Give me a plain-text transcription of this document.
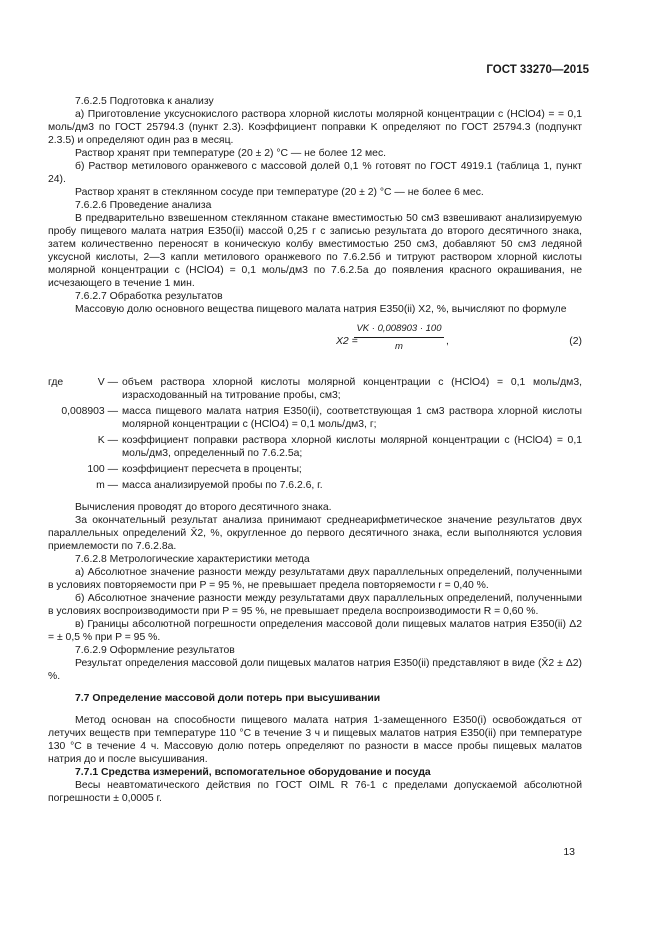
ГОСТ 33270—2015

7.6.2.5 Подготовка к анализу

а) Приготовление уксуснокислого раствора хлорной кислоты молярной концентрации c (HClO4) = = 0,1 моль/дм3 по ГОСТ 25794.3 (пункт 2.3). Коэффициент поправки K определяют по ГОСТ 25794.3 (подпункт 2.3.5) и определяют один раз в месяц.

Раствор хранят при температуре (20 ± 2) °С — не более 12 мес.

б) Раствор метилового оранжевого с массовой долей 0,1 % готовят по ГОСТ 4919.1 (таблица 1, пункт 24).

Раствор хранят в стеклянном сосуде при температуре (20 ± 2) °С — не более 6 мес.

7.6.2.6 Проведение анализа

В предварительно взвешенном стеклянном стакане вместимостью 50 см3 взвешивают анализируемую пробу пищевого малата натрия Е350(ii) массой 0,25 г с записью результата до второго десятичного знака, затем количественно переносят в коническую колбу вместимостью 250 см3, добавляют 50 см3 ледяной уксусной кислоты, 2—3 капли метилового оранжевого по 7.6.2.5б и титруют раствором хлорной кислоты молярной концентрации c (HClO4) = 0,1 моль/дм3 по 7.6.2.5а до появления красного окрашивания, не исчезающего в течение 1 мин.

7.6.2.7 Обработка результатов

Массовую долю основного вещества пищевого малата натрия Е350(ii) X2, %, вычисляют по формуле

X2 =
$\frac{VK \cdot 0,008903 \cdot 100}{m}$ ,	(2)
где	V — объем раствора хлорной кислоты молярной концентрации c (HClO4) = 0,1 моль/дм3, израсходованный на титрование пробы, см3;
0,008903 — масса пищевого малата натрия Е350(ii), соответствующая 1 см3 раствора хлорной кислоты молярной концентрации c (HClO4) = 0,1 моль/дм3, г;
K — коэффициент поправки раствора хлорной кислоты молярной концентрации c (HClO4) = 0,1 моль/дм3, определенный по 7.6.2.5а;
100 — коэффициент пересчета в проценты;
m — масса анализируемой пробы по 7.6.2.6, г.

Вычисления проводят до второго десятичного знака.

За окончательный результат анализа принимают среднеарифметическое значение результатов двух параллельных определений X̄2, %, округленное до первого десятичного знака, если выполняются условия приемлемости по 7.6.2.8а.

7.6.2.8 Метрологические характеристики метода

а) Абсолютное значение разности между результатами двух параллельных определений, полученными в условиях повторяемости при P = 95 %, не превышает предела повторяемости r = 0,40 %.

б) Абсолютное значение разности между результатами двух параллельных определений, полученными в условиях воспроизводимости при P = 95 %, не превышает предела воспроизводимости R = 0,60 %.

в) Границы абсолютной погрешности определения массовой доли пищевых малатов натрия Е350(ii) Δ2 = ± 0,5 % при P = 95 %.

7.6.2.9 Оформление результатов

Результат определения массовой доли пищевых малатов натрия Е350(ii) представляют в виде (X̄2 ± Δ2) %.

7.7 Определение массовой доли потерь при высушивании

Метод основан на способности пищевого малата натрия 1-замещенного Е350(i) освобождаться от летучих веществ при температуре 110 °С в течение 3 ч и пищевых малатов натрия Е350(ii) при температуре 130 °С в течение 4 ч. Массовую долю потерь определяют по разности в массе пробы пищевых малатов натрия до и после высушивания.

7.7.1 Средства измерений, вспомогательное оборудование и посуда

Весы неавтоматического действия по ГОСТ OIML R 76-1 с пределами допускаемой абсолютной погрешности ± 0,0005 г.

13
